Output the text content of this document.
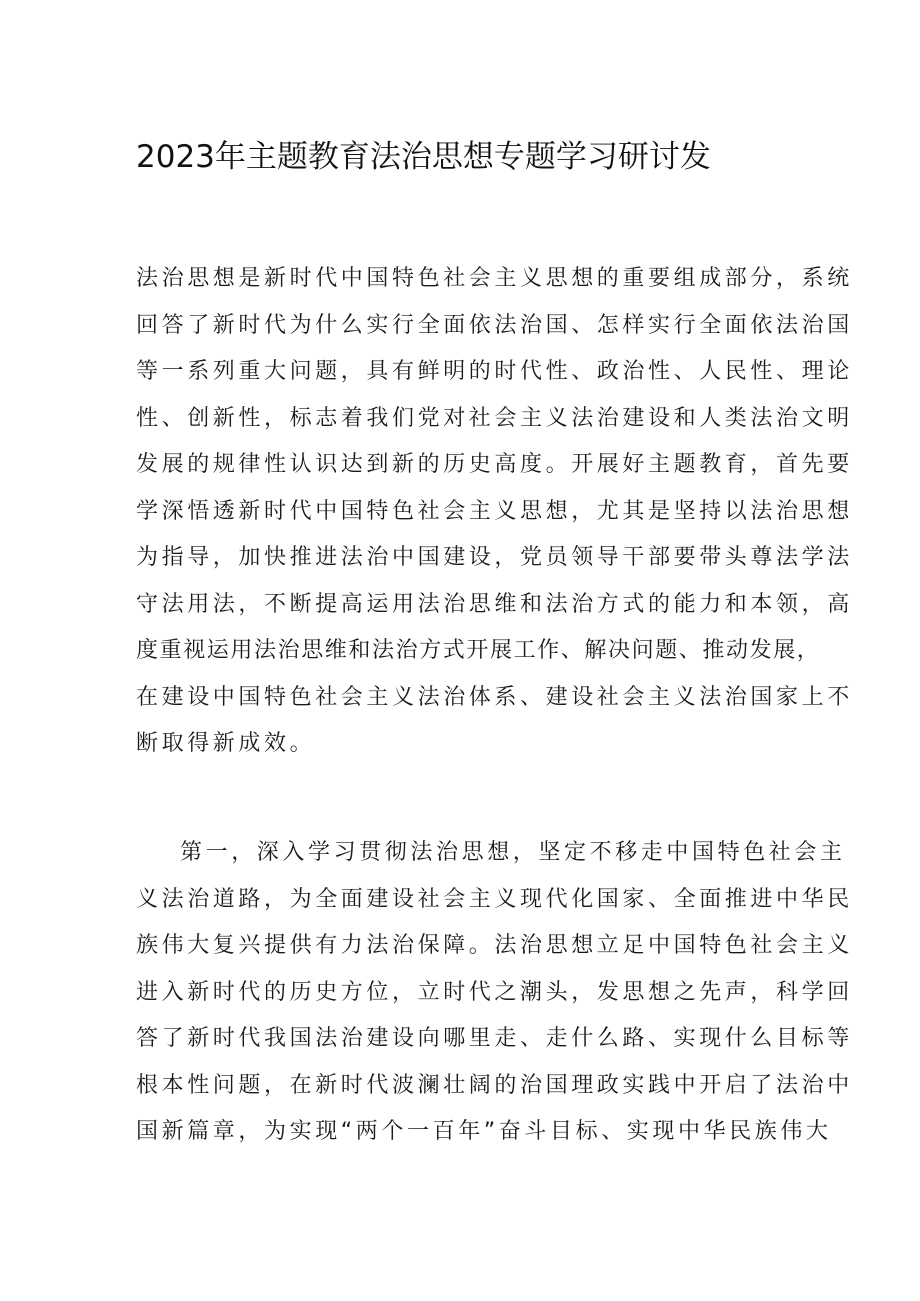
2023年主题教育法治思想专题学习研讨发
法治思想是新时代中国特色社会主义思想的重要组成部分，系统
回答了新时代为什么实行全面依法治国、怎样实行全面依法治国
等一系列重大问题，具有鲜明的时代性、政治性、人民性、理论
性、创新性，标志着我们党对社会主义法治建设和人类法治文明
发展的规律性认识达到新的历史高度。开展好主题教育，首先要
学深悟透新时代中国特色社会主义思想，尤其是坚持以法治思想
为指导，加快推进法治中国建设，党员领导干部要带头尊法学法
守法用法，不断提高运用法治思维和法治方式的能力和本领，高
度重视运用法治思维和法治方式开展工作、解决问题、推动发展，
在建设中国特色社会主义法治体系、建设社会主义法治国家上不
断取得新成效。
第一，深入学习贯彻法治思想，坚定不移走中国特色社会主
义法治道路，为全面建设社会主义现代化国家、全面推进中华民
族伟大复兴提供有力法治保障。法治思想立足中国特色社会主义
进入新时代的历史方位，立时代之潮头，发思想之先声，科学回
答了新时代我国法治建设向哪里走、走什么路、实现什么目标等
根本性问题，在新时代波澜壮阔的治国理政实践中开启了法治中
国新篇章，为实现“两个一百年”奋斗目标、实现中华民族伟大
